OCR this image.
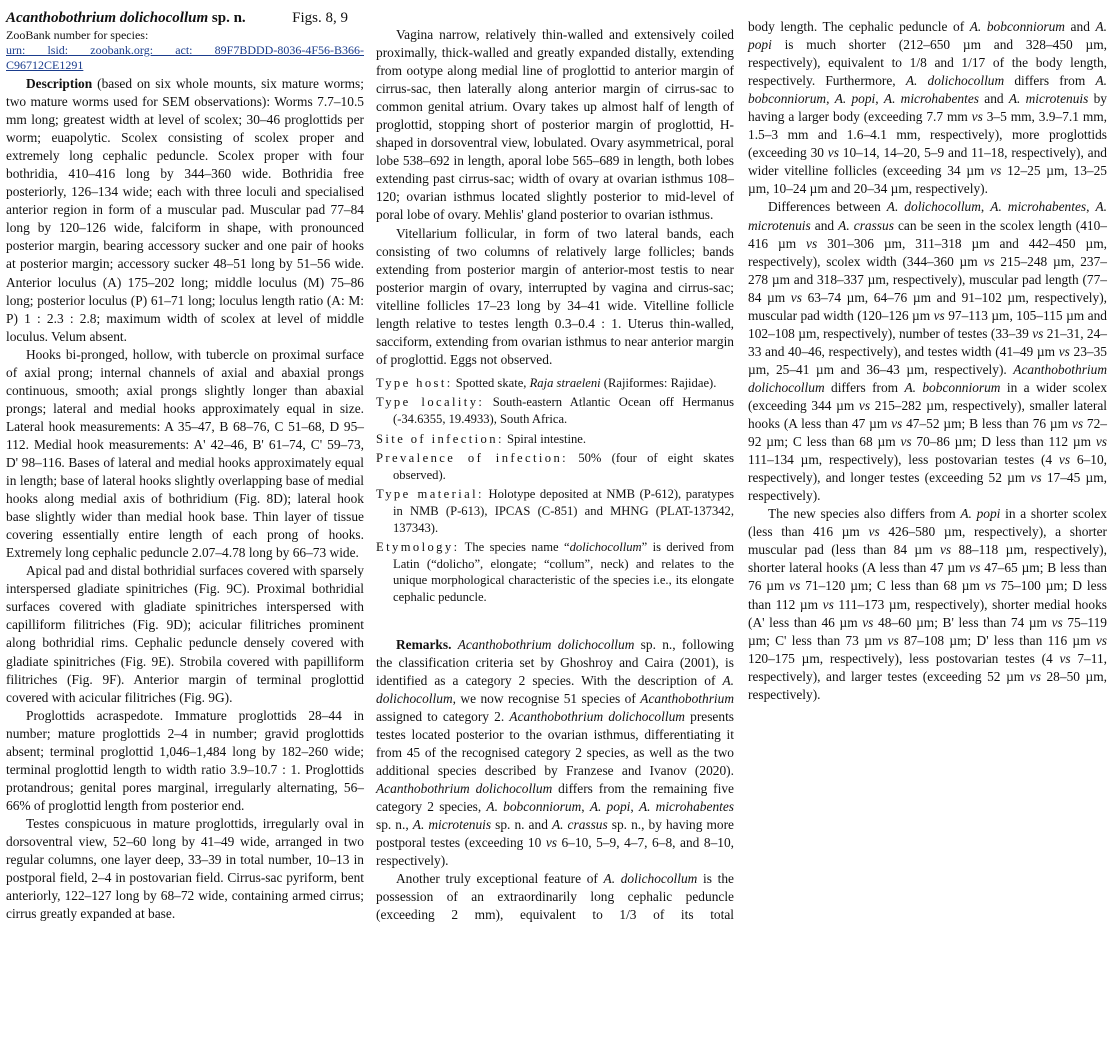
Acanthobothrium dolichocollum sp. n.	Figs. 8, 9
ZooBank number for species:
urn: lsid: zoobank.org: act: 89F7BDDD-8036-4F56-B366-C96712CE1291

Description (based on six whole mounts, six mature worms; two mature worms used for SEM observations): Worms 7.7–10.5 mm long; greatest width at level of scolex; 30–46 proglottids per worm; euapolytic. Scolex consisting of scolex proper and extremely long cephalic peduncle. Scolex proper with four bothridia, 410–416 long by 344–360 wide. Bothridia free posteriorly, 126–134 wide; each with three loculi and specialised anterior region in form of a muscular pad. Muscular pad 77–84 long by 120–126 wide, falciform in shape, with pronounced posterior margin, bearing accessory sucker and one pair of hooks at posterior margin; accessory sucker 48–51 long by 51–56 wide. Anterior loculus (A) 175–202 long; middle loculus (M) 75–86 long; posterior loculus (P) 61–71 long; loculus length ratio (A: M: P) 1 : 2.3 : 2.8; maximum width of scolex at level of middle loculus. Velum absent.

Hooks bi-pronged, hollow, with tubercle on proximal surface of axial prong; internal channels of axial and abaxial prongs continuous, smooth; axial prongs slightly longer than abaxial prongs; lateral and medial hooks approximately equal in size. Lateral hook measurements: A 35–47, B 68–76, C 51–68, D 95–112. Medial hook measurements: A' 42–46, B' 61–74, C' 59–73, D' 98–116. Bases of lateral and medial hooks approximately equal in length; base of lateral hooks slightly overlapping base of medial hooks along medial axis of bothridium (Fig. 8D); lateral hook base slightly wider than medial hook base. Thin layer of tissue covering essentially entire length of each prong of hooks. Extremely long cephalic peduncle 2.07–4.78 long by 66–73 wide.

Apical pad and distal bothridial surfaces covered with sparsely interspersed gladiate spinitriches (Fig. 9C). Proximal bothridial surfaces covered with gladiate spinitriches interspersed with capilliform filitriches (Fig. 9D); acicular filitriches prominent along bothridial rims. Cephalic peduncle densely covered with gladiate spinitriches (Fig. 9E). Strobila covered with papilliform filitriches (Fig. 9F). Anterior margin of terminal proglottid covered with acicular filitriches (Fig. 9G).

Proglottids acraspedote. Immature proglottids 28–44 in number; mature proglottids 2–4 in number; gravid proglottids absent; terminal proglottid 1,046–1,484 long by 182–260 wide; terminal proglottid length to width ratio 3.9–10.7 : 1. Proglottids protandrous; genital pores marginal, irregularly alternating, 56–66% of proglottid length from posterior end.

Testes conspicuous in mature proglottids, irregularly oval in dorsoventral view, 52–60 long by 41–49 wide, arranged in two regular columns, one layer deep, 33–39 in total number, 10–13 in postporal field, 2–4 in postovarian field. Cirrus-sac pyriform, bent anteriorly, 122–127 long by 68–72 wide, containing armed cirrus; cirrus greatly expanded at base.

Vagina narrow, relatively thin-walled and extensively coiled proximally, thick-walled and greatly expanded distally, extending from ootype along medial line of proglottid to anterior margin of cirrus-sac, then laterally along anterior margin of cirrus-sac to common genital atrium. Ovary takes up almost half of length of proglottid, stopping short of posterior margin of proglottid, H-shaped in dorsoventral view, lobulated. Ovary asymmetrical, poral lobe 538–692 in length, aporal lobe 565–689 in length, both lobes extending past cirrus-sac; width of ovary at ovarian isthmus 108–120; ovarian isthmus located slightly posterior to mid-level of poral lobe of ovary. Mehlis' gland posterior to ovarian isthmus.

Vitellarium follicular, in form of two lateral bands, each consisting of two columns of relatively large follicles; bands extending from posterior margin of anterior-most testis to near posterior margin of ovary, interrupted by vagina and cirrus-sac; vitelline follicles 17–23 long by 34–41 wide. Vitelline follicle length relative to testes length 0.3–0.4 : 1. Uterus thin-walled, sacciform, extending from ovarian isthmus to near anterior margin of proglottid. Eggs not observed.

Type host: Spotted skate, Raja straeleni (Rajiformes: Rajidae).
Type locality: South-eastern Atlantic Ocean off Hermanus (-34.6355, 19.4933), South Africa.
Site of infection: Spiral intestine.
Prevalence of infection: 50% (four of eight skates observed).
Type material: Holotype deposited at NMB (P-612), paratypes in NMB (P-613), IPCAS (C-851) and MHNG (PLAT-137342, 137343).
Etymology: The species name “dolichocollum” is derived from Latin (“dolicho”, elongate; “collum”, neck) and relates to the unique morphological characteristic of the species i.e., its elongate cephalic peduncle.

Remarks. Acanthobothrium dolichocollum sp. n., following the classification criteria set by Ghoshroy and Caira (2001), is identified as a category 2 species. With the description of A. dolichocollum, we now recognise 51 species of Acanthobothrium assigned to category 2. Acanthobothrium dolichocollum presents testes located posterior to the ovarian isthmus, differentiating it from 45 of the recognised category 2 species, as well as the two additional species described by Franzese and Ivanov (2020). Acanthobothrium dolichocollum differs from the remaining five category 2 species, A. bobconniorum, A. popi, A. microhabentes sp. n., A. microtenuis sp. n. and A. crassus sp. n., by having more postporal testes (exceeding 10 vs 6–10, 5–9, 4–7, 6–8, and 8–10, respectively).

Another truly exceptional feature of A. dolichocollum is the possession of an extraordinarily long cephalic peduncle (exceeding 2 mm), equivalent to 1/3 of its total

body length. The cephalic peduncle of A. bobconniorum and A. popi is much shorter (212–650 µm and 328–450 µm, respectively), equivalent to 1/8 and 1/17 of the body length, respectively. Furthermore, A. dolichocollum differs from A. bobconniorum, A. popi, A. microhabentes and A. microtenuis by having a larger body (exceeding 7.7 mm vs 3–5 mm, 3.9–7.1 mm, 1.5–3 mm and 1.6–4.1 mm, respectively), more proglottids (exceeding 30 vs 10–14, 14–20, 5–9 and 11–18, respectively), and wider vitelline follicles (exceeding 34 µm vs 12–25 µm, 13–25 µm, 10–24 µm and 20–34 µm, respectively).

Differences between A. dolichocollum, A. microhabentes, A. microtenuis and A. crassus can be seen in the scolex length (410–416 µm vs 301–306 µm, 311–318 µm and 442–450 µm, respectively), scolex width (344–360 µm vs 215–248 µm, 237–278 µm and 318–337 µm, respectively), muscular pad length (77–84 µm vs 63–74 µm, 64–76 µm and 91–102 µm, respectively), muscular pad width (120–126 µm vs 97–113 µm, 105–115 µm and 102–108 µm, respectively), number of testes (33–39 vs 21–31, 24–33 and 40–46, respectively), and testes width (41–49 µm vs 23–35 µm, 25–41 µm and 36–43 µm, respectively). Acanthobothrium dolichocollum differs from A. bobconniorum in a wider scolex (exceeding 344 µm vs 215–282 µm, respectively), smaller lateral hooks (A less than 47 µm vs 47–52 µm; B less than 76 µm vs 72–92 µm; C less than 68 µm vs 70–86 µm; D less than 112 µm vs 111–134 µm, respectively), less postovarian testes (4 vs 6–10, respectively), and longer testes (exceeding 52 µm vs 17–45 µm, respectively).

The new species also differs from A. popi in a shorter scolex (less than 416 µm vs 426–580 µm, respectively), a shorter muscular pad (less than 84 µm vs 88–118 µm, respectively), shorter lateral hooks (A less than 47 µm vs 47–65 µm; B less than 76 µm vs 71–120 µm; C less than 68 µm vs 75–100 µm; D less than 112 µm vs 111–173 µm, respectively), shorter medial hooks (A' less than 46 µm vs 48–60 µm; B' less than 74 µm vs 75–119 µm; C' less than 73 µm vs 87–108 µm; D' less than 116 µm vs 120–175 µm, respectively), less postovarian testes (4 vs 7–11, respectively), and larger testes (exceeding 52 µm vs 28–50 µm, respectively).
